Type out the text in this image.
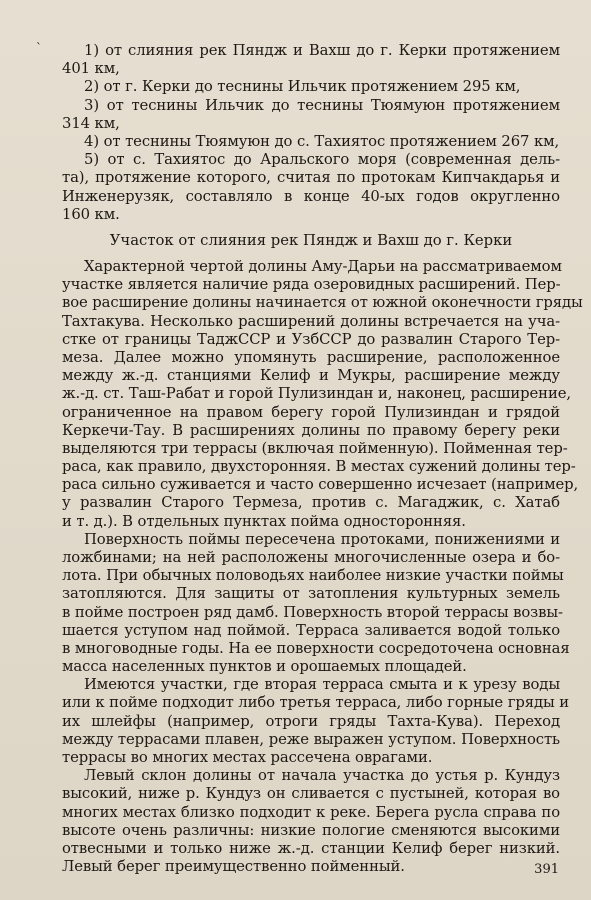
`	1) от слияния рек Пяндж и Вахш до г. Керки протяжением
401 км,
2) от г. Керки до теснины Ильчик протяжением 295 км,
3) от теснины Ильчик до теснины Тюямуюн протяжением
314 км,
4) от теснины Тюямуюн до с. Тахиятос протяжением 267 км,
5) от с. Тахиятос до Аральского моря (современная дель-
та), протяжение которого, считая по протокам Кипчакдарья и
Инженерузяк, составляло в конце 40-ых годов округленно
160 км.
Участок от слияния рек Пяндж и Вахш до г. Керки
Характерной чертой долины Аму-Дарьи на рассматриваемом
участке является наличие ряда озеровидных расширений. Пер-
вое расширение долины начинается от южной оконечности гряды
Тахтакува. Несколько расширений долины встречается на уча-
стке от границы ТаджССР и УзбССР до развалин Старого Тер-
меза. Далее можно упомянуть расширение, расположенное
между ж.-д. станциями Келиф и Мукры, расширение между
ж.-д. ст. Таш-Рабат и горой Пулизиндан и, наконец, расширение,
ограниченное на правом берегу горой Пулизиндан и грядой
Керкечи-Тау. В расширениях долины по правому берегу реки
выделяются три террасы (включая пойменную). Пойменная тер-
раса, как правило, двухсторонняя. В местах сужений долины тер-
раса сильно суживается и часто совершенно исчезает (например,
у развалин Старого Термеза, против с. Магаджик, с. Хатаб
и т. д.). В отдельных пунктах пойма односторонняя.
Поверхность поймы пересечена протоками, понижениями и
ложбинами; на ней расположены многочисленные озера и бо-
лота. При обычных половодьях наиболее низкие участки поймы
затопляются. Для защиты от затопления культурных земель
в пойме построен ряд дамб. Поверхность второй террасы возвы-
шается уступом над поймой. Терраса заливается водой только
в многоводные годы. На ее поверхности сосредоточена основная
масса населенных пунктов и орошаемых площадей.
Имеются участки, где вторая терраса смыта и к урезу воды
или к пойме подходит либо третья терраса, либо горные гряды и
их шлейфы (например, отроги гряды Тахта-Кува). Переход
между террасами плавен, реже выражен уступом. Поверхность
террасы во многих местах рассечена оврагами.
Левый склон долины от начала участка до устья р. Кундуз
высокий, ниже р. Кундуз он сливается с пустыней, которая во
многих местах близко подходит к реке. Берега русла справа по
высоте очень различны: низкие пологие сменяются высокими
отвесными и только ниже ж.-д. станции Келиф берег низкий.
Левый берег преимущественно пойменный.	391
